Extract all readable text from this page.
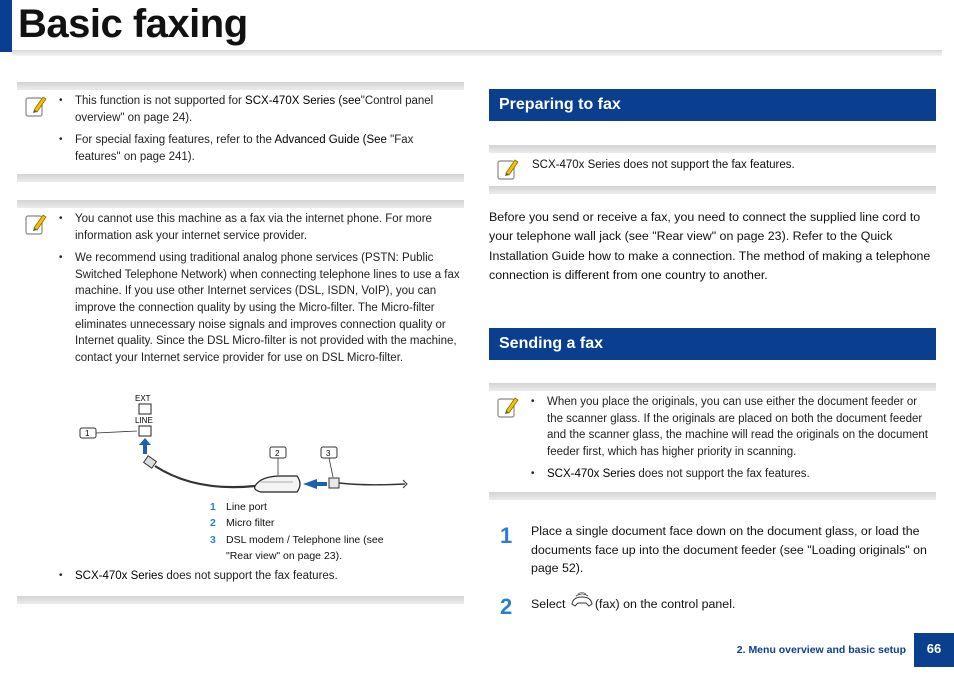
Basic faxing
• This function is not supported for SCX-470X Series (see"Control panel overview" on page 24).
• For special faxing features, refer to the Advanced Guide (See "Fax features" on page 241).
• You cannot use this machine as a fax via the internet phone. For more information ask your internet service provider.
• We recommend using traditional analog phone services (PSTN: Public Switched Telephone Network) when connecting telephone lines to use a fax machine. If you use other Internet services (DSL, ISDN, VoIP), you can improve the connection quality by using the Micro-filter. The Micro-filter eliminates unnecessary noise signals and improves connection quality or Internet quality. Since the DSL Micro-filter is not provided with the machine, contact your Internet service provider for use on DSL Micro-filter.
EXT
LINE
1
2	3
1 Line port
2 Micro filter
3 DSL modem / Telephone line (see "Rear view" on page 23).
• SCX-470x Series does not support the fax features.
Preparing to fax
SCX-470x Series does not support the fax features.
Before you send or receive a fax, you need to connect the supplied line cord to your telephone wall jack (see "Rear view" on page 23). Refer to the Quick Installation Guide how to make a connection. The method of making a telephone connection is different from one country to another.
Sending a fax
• When you place the originals, you can use either the document feeder or the scanner glass. If the originals are placed on both the document feeder and the scanner glass, the machine will read the originals on the document feeder first, which has higher priority in scanning.
• SCX-470x Series does not support the fax features.
1 Place a single document face down on the document glass, or load the documents face up into the document feeder (see "Loading originals" on page 52).
2 Select (fax) on the control panel.
2. Menu overview and basic setup	66
